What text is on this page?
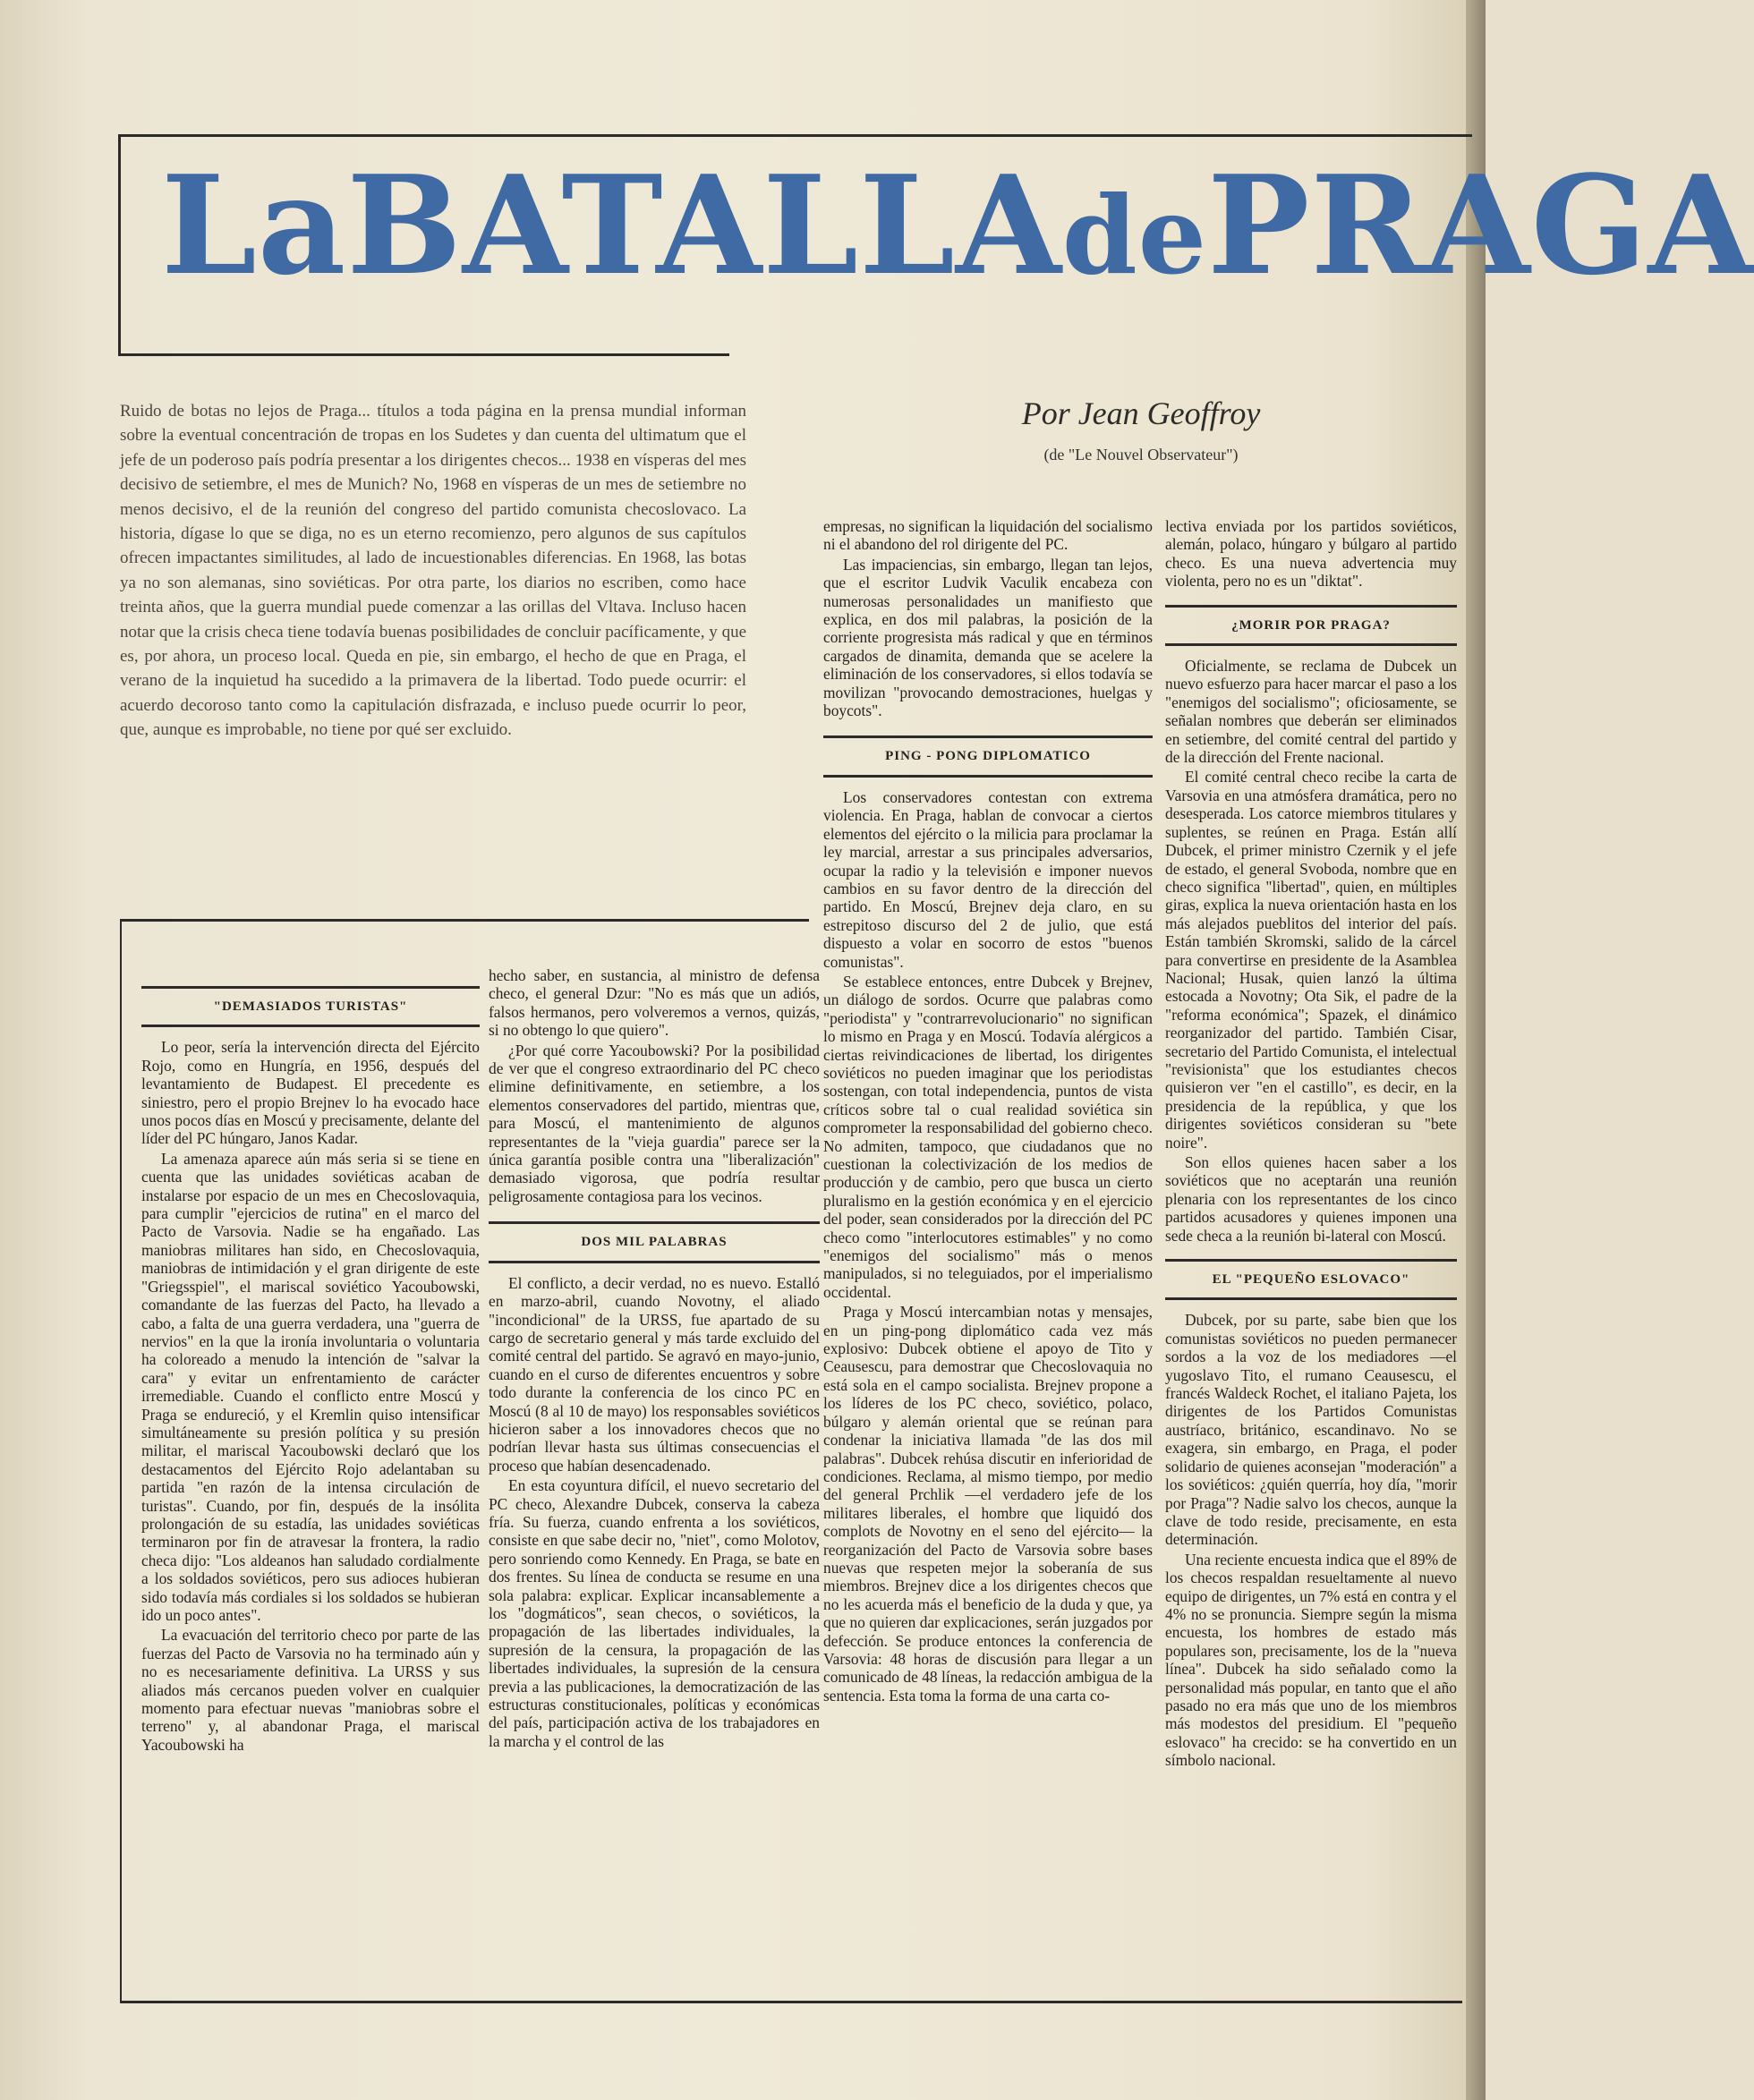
LaBATALLAdePRAGA
Ruido de botas no lejos de Praga... títulos a toda página en la prensa mundial informan sobre la eventual concentración de tropas en los Sudetes y dan cuenta del ultimatum que el jefe de un poderoso país podría presentar a los dirigentes checos... 1938 en vísperas del mes decisivo de setiembre, el mes de Munich? No, 1968 en vísperas de un mes de setiembre no menos decisivo, el de la reunión del congreso del partido comunista checoslovaco. La historia, dígase lo que se diga, no es un eterno recomienzo, pero algunos de sus capítulos ofrecen impactantes similitudes, al lado de incuestionables diferencias. En 1968, las botas ya no son alemanas, sino soviéticas. Por otra parte, los diarios no escriben, como hace treinta años, que la guerra mundial puede comenzar a las orillas del Vltava. Incluso hacen notar que la crisis checa tiene todavía buenas posibilidades de concluir pacíficamente, y que es, por ahora, un proceso local. Queda en pie, sin embargo, el hecho de que en Praga, el verano de la inquietud ha sucedido a la primavera de la libertad. Todo puede ocurrir: el acuerdo decoroso tanto como la capitulación disfrazada, e incluso puede ocurrir lo peor, que, aunque es improbable, no tiene por qué ser excluido.
Por Jean Geoffroy
(de "Le Nouvel Observateur")
"DEMASIADOS TURISTAS"

Lo peor, sería la intervención directa del Ejército Rojo, como en Hungría, en 1956, después del levantamiento de Budapest. El precedente es siniestro, pero el propio Brejnev lo ha evocado hace unos pocos días en Moscú y precisamente, delante del líder del PC húngaro, Janos Kadar.

La amenaza aparece aún más seria si se tiene en cuenta que las unidades soviéticas acaban de instalarse por espacio de un mes en Checoslovaquia, para cumplir "ejercicios de rutina" en el marco del Pacto de Varsovia. Nadie se ha engañado. Las maniobras militares han sido, en Checoslovaquia, maniobras de intimidación y el gran dirigente de este "Griegsspiel", el mariscal soviético Yacoubowski, comandante de las fuerzas del Pacto, ha llevado a cabo, a falta de una guerra verdadera, una "guerra de nervios" en la que la ironía involuntaria o voluntaria ha coloreado a menudo la intención de "salvar la cara" y evitar un enfrentamiento de carácter irremediable. Cuando el conflicto entre Moscú y Praga se endureció, y el Kremlin quiso intensificar simultáneamente su presión política y su presión militar, el mariscal Yacoubowski declaró que los destacamentos del Ejército Rojo adelantaban su partida "en razón de la intensa circulación de turistas". Cuando, por fin, después de la insólita prolongación de su estadía, las unidades soviéticas terminaron por fin de atravesar la frontera, la radio checa dijo: "Los aldeanos han saludado cordialmente a los soldados soviéticos, pero sus adioces hubieran sido todavía más cordiales si los soldados se hubieran ido un poco antes".

La evacuación del territorio checo por parte de las fuerzas del Pacto de Varsovia no ha terminado aún y no es necesariamente definitiva. La URSS y sus aliados más cercanos pueden volver en cualquier momento para efectuar nuevas "maniobras sobre el terreno" y, al abandonar Praga, el mariscal Yacoubowski ha

hecho saber, en sustancia, al ministro de defensa checo, el general Dzur: "No es más que un adiós, falsos hermanos, pero volveremos a vernos, quizás, si no obtengo lo que quiero".

¿Por qué corre Yacoubowski? Por la posibilidad de ver que el congreso extraordinario del PC checo elimine definitivamente, en setiembre, a los elementos conservadores del partido, mientras que, para Moscú, el mantenimiento de algunos representantes de la "vieja guardia" parece ser la única garantía posible contra una "liberalización" demasiado vigorosa, que podría resultar peligrosamente contagiosa para los vecinos.

DOS MIL PALABRAS

El conflicto, a decir verdad, no es nuevo. Estalló en marzo-abril, cuando Novotny, el aliado "incondicional" de la URSS, fue apartado de su cargo de secretario general y más tarde excluido del comité central del partido. Se agravó en mayo-junio, cuando en el curso de diferentes encuentros y sobre todo durante la conferencia de los cinco PC en Moscú (8 al 10 de mayo) los responsables soviéticos hicieron saber a los innovadores checos que no podrían llevar hasta sus últimas consecuencias el proceso que habían desencadenado.

En esta coyuntura difícil, el nuevo secretario del PC checo, Alexandre Dubcek, conserva la cabeza fría. Su fuerza, cuando enfrenta a los soviéticos, consiste en que sabe decir no, "niet", como Molotov, pero sonriendo como Kennedy. En Praga, se bate en dos frentes. Su línea de conducta se resume en una sola palabra: explicar. Explicar incansablemente a los "dogmáticos", sean checos, o soviéticos, la propagación de las libertades individuales, la supresión de la censura, la propagación de las libertades individuales, la supresión de la censura previa a las publicaciones, la democratización de las estructuras constitucionales, políticas y económicas del país, participación activa de los trabajadores en la marcha y el control de las

empresas, no significan la liquidación del socialismo ni el abandono del rol dirigente del PC.

Las impaciencias, sin embargo, llegan tan lejos, que el escritor Ludvik Vaculik encabeza con numerosas personalidades un manifiesto que explica, en dos mil palabras, la posición de la corriente progresista más radical y que en términos cargados de dinamita, demanda que se acelere la eliminación de los conservadores, si ellos todavía se movilizan "provocando demostraciones, huelgas y boycots".

PING - PONG DIPLOMATICO

Los conservadores contestan con extrema violencia. En Praga, hablan de convocar a ciertos elementos del ejército o la milicia para proclamar la ley marcial, arrestar a sus principales adversarios, ocupar la radio y la televisión e imponer nuevos cambios en su favor dentro de la dirección del partido. En Moscú, Brejnev deja claro, en su estrepitoso discurso del 2 de julio, que está dispuesto a volar en socorro de estos "buenos comunistas".

Se establece entonces, entre Dubcek y Brejnev, un diálogo de sordos. Ocurre que palabras como "periodista" y "contrarrevolucionario" no significan lo mismo en Praga y en Moscú. Todavía alérgicos a ciertas reivindicaciones de libertad, los dirigentes soviéticos no pueden imaginar que los periodistas sostengan, con total independencia, puntos de vista críticos sobre tal o cual realidad soviética sin comprometer la responsabilidad del gobierno checo. No admiten, tampoco, que ciudadanos que no cuestionan la colectivización de los medios de producción y de cambio, pero que busca un cierto pluralismo en la gestión económica y en el ejercicio del poder, sean considerados por la dirección del PC checo como "interlocutores estimables" y no como "enemigos del socialismo" más o menos manipulados, si no teleguiados, por el imperialismo occidental.

Praga y Moscú intercambian notas y mensajes, en un ping-pong diplomático cada vez más explosivo: Dubcek obtiene el apoyo de Tito y Ceausescu, para demostrar que Checoslovaquia no está sola en el campo socialista. Brejnev propone a los líderes de los PC checo, soviético, polaco, búlgaro y alemán oriental que se reúnan para condenar la iniciativa llamada "de las dos mil palabras". Dubcek rehúsa discutir en inferioridad de condiciones. Reclama, al mismo tiempo, por medio del general Prchlik —el verdadero jefe de los militares liberales, el hombre que liquidó dos complots de Novotny en el seno del ejército— la reorganización del Pacto de Varsovia sobre bases nuevas que respeten mejor la soberanía de sus miembros. Brejnev dice a los dirigentes checos que no les acuerda más el beneficio de la duda y que, ya que no quieren dar explicaciones, serán juzgados por defección. Se produce entonces la conferencia de Varsovia: 48 horas de discusión para llegar a un comunicado de 48 líneas, la redacción ambigua de la sentencia. Esta toma la forma de una carta co-

lectiva enviada por los partidos soviéticos, alemán, polaco, húngaro y búlgaro al partido checo. Es una nueva advertencia muy violenta, pero no es un "diktat".

¿MORIR POR PRAGA?

Oficialmente, se reclama de Dubcek un nuevo esfuerzo para hacer marcar el paso a los "enemigos del socialismo"; oficiosamente, se señalan nombres que deberán ser eliminados en setiembre, del comité central del partido y de la dirección del Frente nacional.

El comité central checo recibe la carta de Varsovia en una atmósfera dramática, pero no desesperada. Los catorce miembros titulares y suplentes, se reúnen en Praga. Están allí Dubcek, el primer ministro Czernik y el jefe de estado, el general Svoboda, nombre que en checo significa "libertad", quien, en múltiples giras, explica la nueva orientación hasta en los más alejados pueblitos del interior del país. Están también Skromski, salido de la cárcel para convertirse en presidente de la Asamblea Nacional; Husak, quien lanzó la última estocada a Novotny; Ota Sik, el padre de la "reforma económica"; Spazek, el dinámico reorganizador del partido. También Cisar, secretario del Partido Comunista, el intelectual "revisionista" que los estudiantes checos quisieron ver "en el castillo", es decir, en la presidencia de la república, y que los dirigentes soviéticos consideran su "bete noire".

Son ellos quienes hacen saber a los soviéticos que no aceptarán una reunión plenaria con los representantes de los cinco partidos acusadores y quienes imponen una sede checa a la reunión bi-lateral con Moscú.

EL "PEQUEÑO ESLOVACO"

Dubcek, por su parte, sabe bien que los comunistas soviéticos no pueden permanecer sordos a la voz de los mediadores —el yugoslavo Tito, el rumano Ceausescu, el francés Waldeck Rochet, el italiano Pajeta, los dirigentes de los Partidos Comunistas austríaco, británico, escandinavo. No se exagera, sin embargo, en Praga, el poder solidario de quienes aconsejan "moderación" a los soviéticos: ¿quién querría, hoy día, "morir por Praga"? Nadie salvo los checos, aunque la clave de todo reside, precisamente, en esta determinación.

Una reciente encuesta indica que el 89% de los checos respaldan resueltamente al nuevo equipo de dirigentes, un 7% está en contra y el 4% no se pronuncia. Siempre según la misma encuesta, los hombres de estado más populares son, precisamente, los de la "nueva línea". Dubcek ha sido señalado como la personalidad más popular, en tanto que el año pasado no era más que uno de los miembros más modestos del presidium. El "pequeño eslovaco" ha crecido: se ha convertido en un símbolo nacional.
